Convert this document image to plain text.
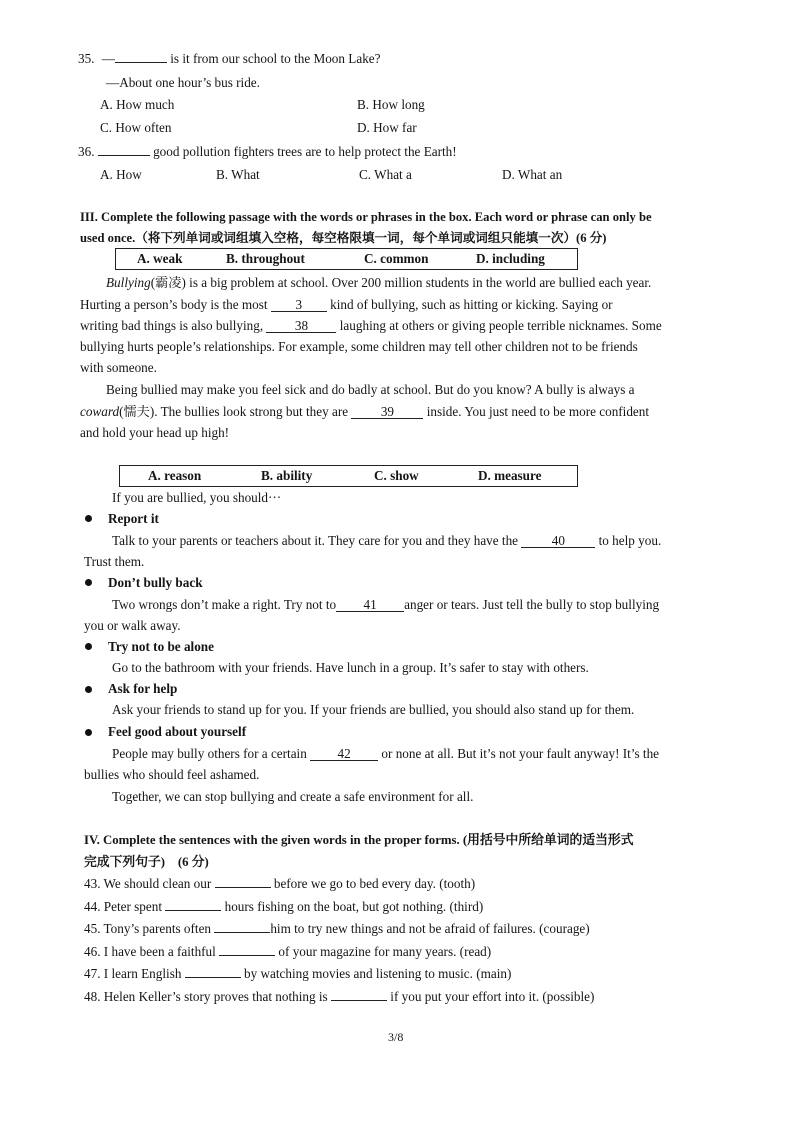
35. —	is it from our school to the Moon Lake?
—About one hour’s bus ride.
A. How much	B. How long
C. How often	D. How far
36.	good pollution fighters trees are to help protect the Earth!
A. How	B. What	C. What a	D. What an
III. Complete the following passage with the words or phrases in the box. Each word or phrase can only be
used once.（将下列单词或词组填入空格，每空格限填一词，每个单词或词组只能填一次）(6 分)
A. weak	B. throughout	C. common	D. including
Bullying(霸凌) is a big problem at school. Over 200 million students in the world are bullied each year.
Hurting a person’s body is the most 3 kind of bullying, such as hitting or kicking. Saying or
writing bad things is also bullying, 38 laughing at others or giving people terrible nicknames. Some
bullying hurts people’s relationships. For example, some children may tell other children not to be friends
with someone.
Being bullied may make you feel sick and do badly at school. But do you know? A bully is always a
coward(懦夫). The bullies look strong but they are 39 inside. You just need to be more confident
and hold your head up high!
A. reason	B. ability	C. show	D. measure
If you are bullied, you should···
Report it
Talk to your parents or teachers about it. They care for you and they have the	40	to help you.
Trust them.
Don’t bully back
Two wrongs don’t make a right. Try not to 41 anger or tears. Just tell the bully to stop bullying
you or walk away.
Try not to be alone
Go to the bathroom with your friends. Have lunch in a group. It’s safer to stay with others.
Ask for help
Ask your friends to stand up for you. If your friends are bullied, you should also stand up for them.
Feel good about yourself
People may bully others for a certain 42 or none at all. But it’s not your fault anyway! It’s the
bullies who should feel ashamed.
Together, we can stop bullying and create a safe environment for all.
IV. Complete the sentences with the given words in the proper forms. (用括号中所给单词的适当形式
完成下列句子)　(6 分)
43. We should clean our	before we go to bed every day. (tooth)
44. Peter spent	hours fishing on the boat, but got nothing. (third)
45. Tony’s parents often	him to try new things and not be afraid of failures. (courage)
46. I have been a faithful	of your magazine for many years. (read)
47. I learn English	by watching movies and listening to music. (main)
48. Helen Keller’s story proves that nothing is	if you put your effort into it. (possible)
3/8
